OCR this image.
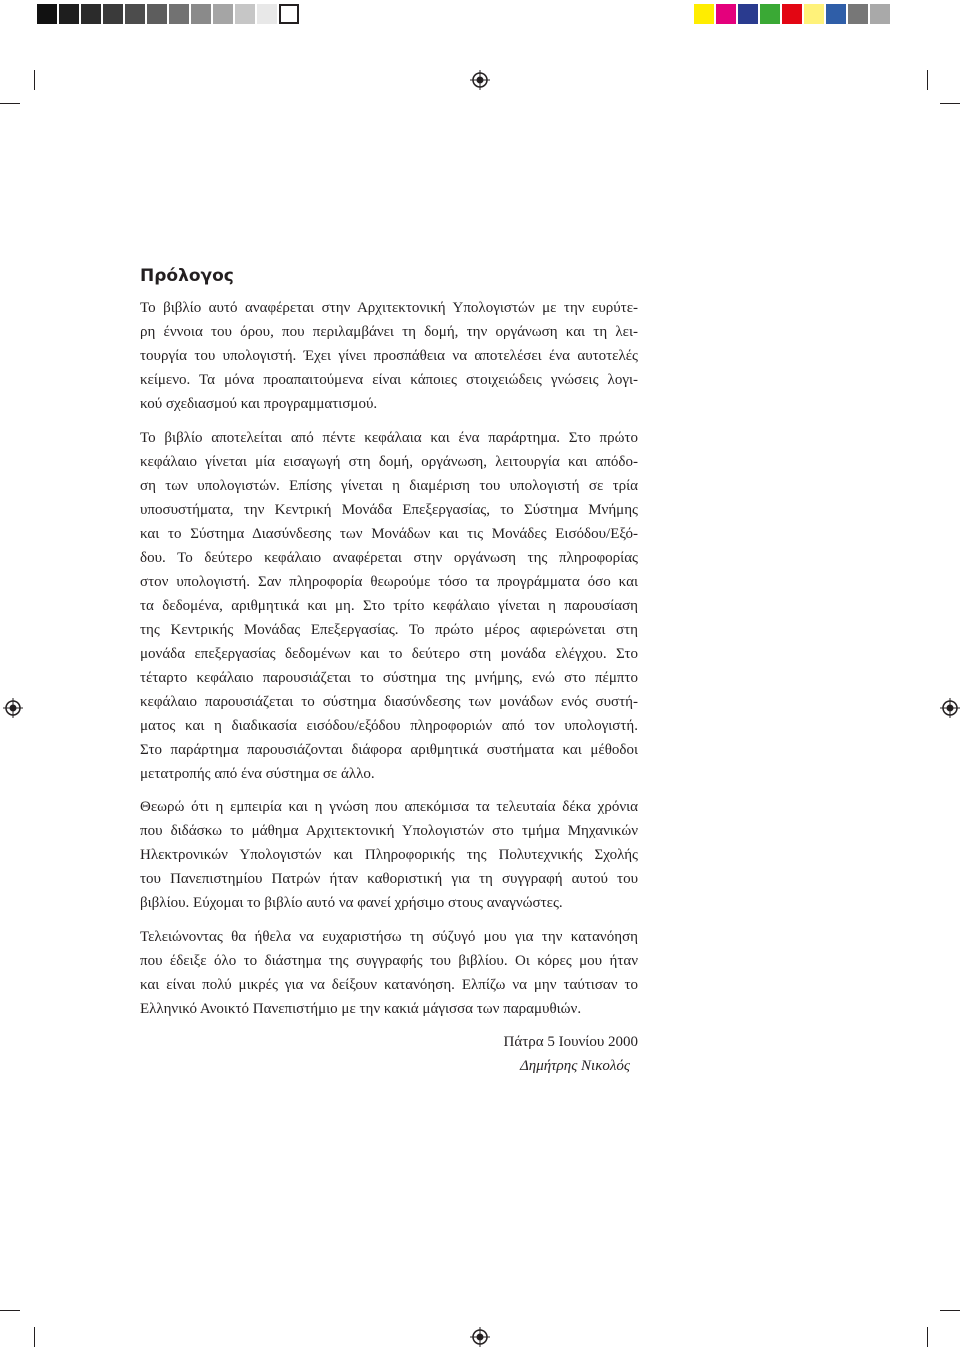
Πρόλογος
Το βιβλίο αυτό αναφέρεται στην Αρχιτεκτονική Υπολογιστών με την ευρύτε-
ρη έννοια του όρου, που περιλαμβάνει τη δομή, την οργάνωση και τη λει-
τουργία του υπολογιστή. Έχει γίνει προσπάθεια να αποτελέσει ένα αυτοτελές
κείμενο. Τα μόνα προαπαιτούμενα είναι κάποιες στοιχειώδεις γνώσεις λογι-
κού σχεδιασμού και προγραμματισμού.
Το βιβλίο αποτελείται από πέντε κεφάλαια και ένα παράρτημα. Στο πρώτο
κεφάλαιο γίνεται μία εισαγωγή στη δομή, οργάνωση, λειτουργία και απόδο-
ση των υπολογιστών. Επίσης γίνεται η διαμέριση του υπολογιστή σε τρία
υποσυστήματα, την Κεντρική Μονάδα Επεξεργασίας, το Σύστημα Μνήμης
και το Σύστημα Διασύνδεσης των Μονάδων και τις Μονάδες Εισόδου/Εξό-
δου. Το δεύτερο κεφάλαιο αναφέρεται στην οργάνωση της πληροφορίας
στον υπολογιστή. Σαν πληροφορία θεωρούμε τόσο τα προγράμματα όσο και
τα δεδομένα, αριθμητικά και μη. Στο τρίτο κεφάλαιο γίνεται η παρουσίαση
της Κεντρικής Μονάδας Επεξεργασίας. Το πρώτο μέρος αφιερώνεται στη
μονάδα επεξεργασίας δεδομένων και το δεύτερο στη μονάδα ελέγχου. Στο
τέταρτο κεφάλαιο παρουσιάζεται το σύστημα της μνήμης, ενώ στο πέμπτο
κεφάλαιο παρουσιάζεται το σύστημα διασύνδεσης των μονάδων ενός συστή-
ματος και η διαδικασία εισόδου/εξόδου πληροφοριών από τον υπολογιστή.
Στο παράρτημα παρουσιάζονται διάφορα αριθμητικά συστήματα και μέθοδοι
μετατροπής από ένα σύστημα σε άλλο.
Θεωρώ ότι η εμπειρία και η γνώση που απεκόμισα τα τελευταία δέκα χρόνια
που διδάσκω το μάθημα Αρχιτεκτονική Υπολογιστών στο τμήμα Μηχανικών
Ηλεκτρονικών Υπολογιστών και Πληροφορικής της Πολυτεχνικής Σχολής
του Πανεπιστημίου Πατρών ήταν καθοριστική για τη συγγραφή αυτού του
βιβλίου. Εύχομαι το βιβλίο αυτό να φανεί χρήσιμο στους αναγνώστες.
Τελειώνοντας θα ήθελα να ευχαριστήσω τη σύζυγό μου για την κατανόηση
που έδειξε όλο το διάστημα της συγγραφής του βιβλίου. Οι κόρες μου ήταν
και είναι πολύ μικρές για να δείξουν κατανόηση. Ελπίζω να μην ταύτισαν το
Ελληνικό Ανοικτό Πανεπιστήμιο με την κακιά μάγισσα των παραμυθιών.
Πάτρα 5 Ιουνίου 2000
Δημήτρης Νικολός
